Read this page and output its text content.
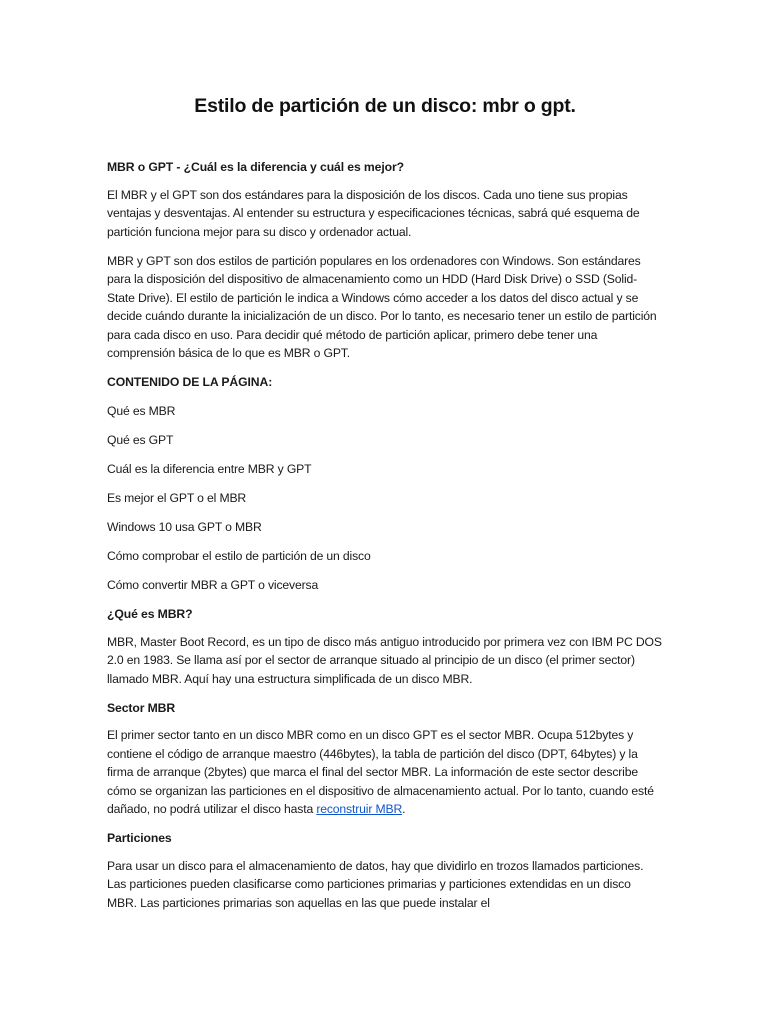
Estilo de partición de un disco: mbr o gpt.

MBR o GPT - ¿Cuál es la diferencia y cuál es mejor?

El MBR y el GPT son dos estándares para la disposición de los discos. Cada uno tiene sus propias ventajas y desventajas. Al entender su estructura y especificaciones técnicas, sabrá qué esquema de partición funciona mejor para su disco y ordenador actual.

MBR y GPT son dos estilos de partición populares en los ordenadores con Windows. Son estándares para la disposición del dispositivo de almacenamiento como un HDD (Hard Disk Drive) o SSD (Solid-State Drive). El estilo de partición le indica a Windows cómo acceder a los datos del disco actual y se decide cuándo durante la inicialización de un disco. Por lo tanto, es necesario tener un estilo de partición para cada disco en uso. Para decidir qué método de partición aplicar, primero debe tener una comprensión básica de lo que es MBR o GPT.

CONTENIDO DE LA PÁGINA:

Qué es MBR
Qué es GPT
Cuál es la diferencia entre MBR y GPT
Es mejor el GPT o el MBR
Windows 10 usa GPT o MBR
Cómo comprobar el estilo de partición de un disco
Cómo convertir MBR a GPT o viceversa

¿Qué es MBR?

MBR, Master Boot Record, es un tipo de disco más antiguo introducido por primera vez con IBM PC DOS 2.0 en 1983. Se llama así por el sector de arranque situado al principio de un disco (el primer sector) llamado MBR. Aquí hay una estructura simplificada de un disco MBR.

Sector MBR

El primer sector tanto en un disco MBR como en un disco GPT es el sector MBR. Ocupa 512bytes y contiene el código de arranque maestro (446bytes), la tabla de partición del disco (DPT, 64bytes) y la firma de arranque (2bytes) que marca el final del sector MBR. La información de este sector describe cómo se organizan las particiones en el dispositivo de almacenamiento actual. Por lo tanto, cuando esté dañado, no podrá utilizar el disco hasta reconstruir MBR.

Particiones

Para usar un disco para el almacenamiento de datos, hay que dividirlo en trozos llamados particiones. Las particiones pueden clasificarse como particiones primarias y particiones extendidas en un disco MBR. Las particiones primarias son aquellas en las que puede instalar el
